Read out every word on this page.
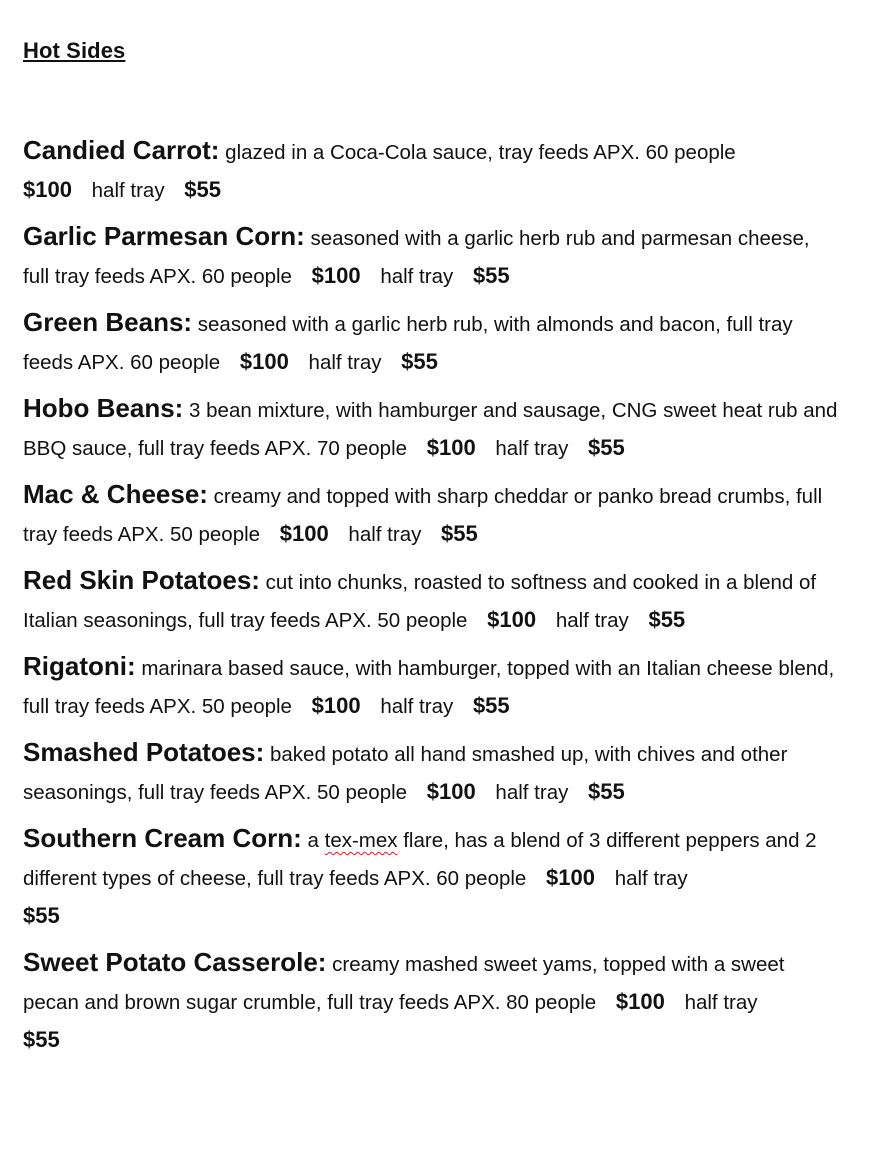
Hot Sides
Candied Carrot: glazed in a Coca-Cola sauce, tray feeds APX. 60 people
$100 half tray $55
Garlic Parmesan Corn: seasoned with a garlic herb rub and parmesan cheese, full tray feeds APX. 60 people $100 half tray $55
Green Beans: seasoned with a garlic herb rub, with almonds and bacon, full tray feeds APX. 60 people $100 half tray $55
Hobo Beans: 3 bean mixture, with hamburger and sausage, CNG sweet heat rub and BBQ sauce, full tray feeds APX. 70 people $100 half tray $55
Mac & Cheese: creamy and topped with sharp cheddar or panko bread crumbs, full tray feeds APX. 50 people $100 half tray $55
Red Skin Potatoes: cut into chunks, roasted to softness and cooked in a blend of Italian seasonings, full tray feeds APX. 50 people $100 half tray $55
Rigatoni: marinara based sauce, with hamburger, topped with an Italian cheese blend, full tray feeds APX. 50 people $100 half tray $55
Smashed Potatoes: baked potato all hand smashed up, with chives and other seasonings, full tray feeds APX. 50 people $100 half tray $55
Southern Cream Corn: a tex-mex flare, has a blend of 3 different peppers and 2 different types of cheese, full tray feeds APX. 60 people $100 half tray
$55
Sweet Potato Casserole: creamy mashed sweet yams, topped with a sweet pecan and brown sugar crumble, full tray feeds APX. 80 people $100 half tray
$55
